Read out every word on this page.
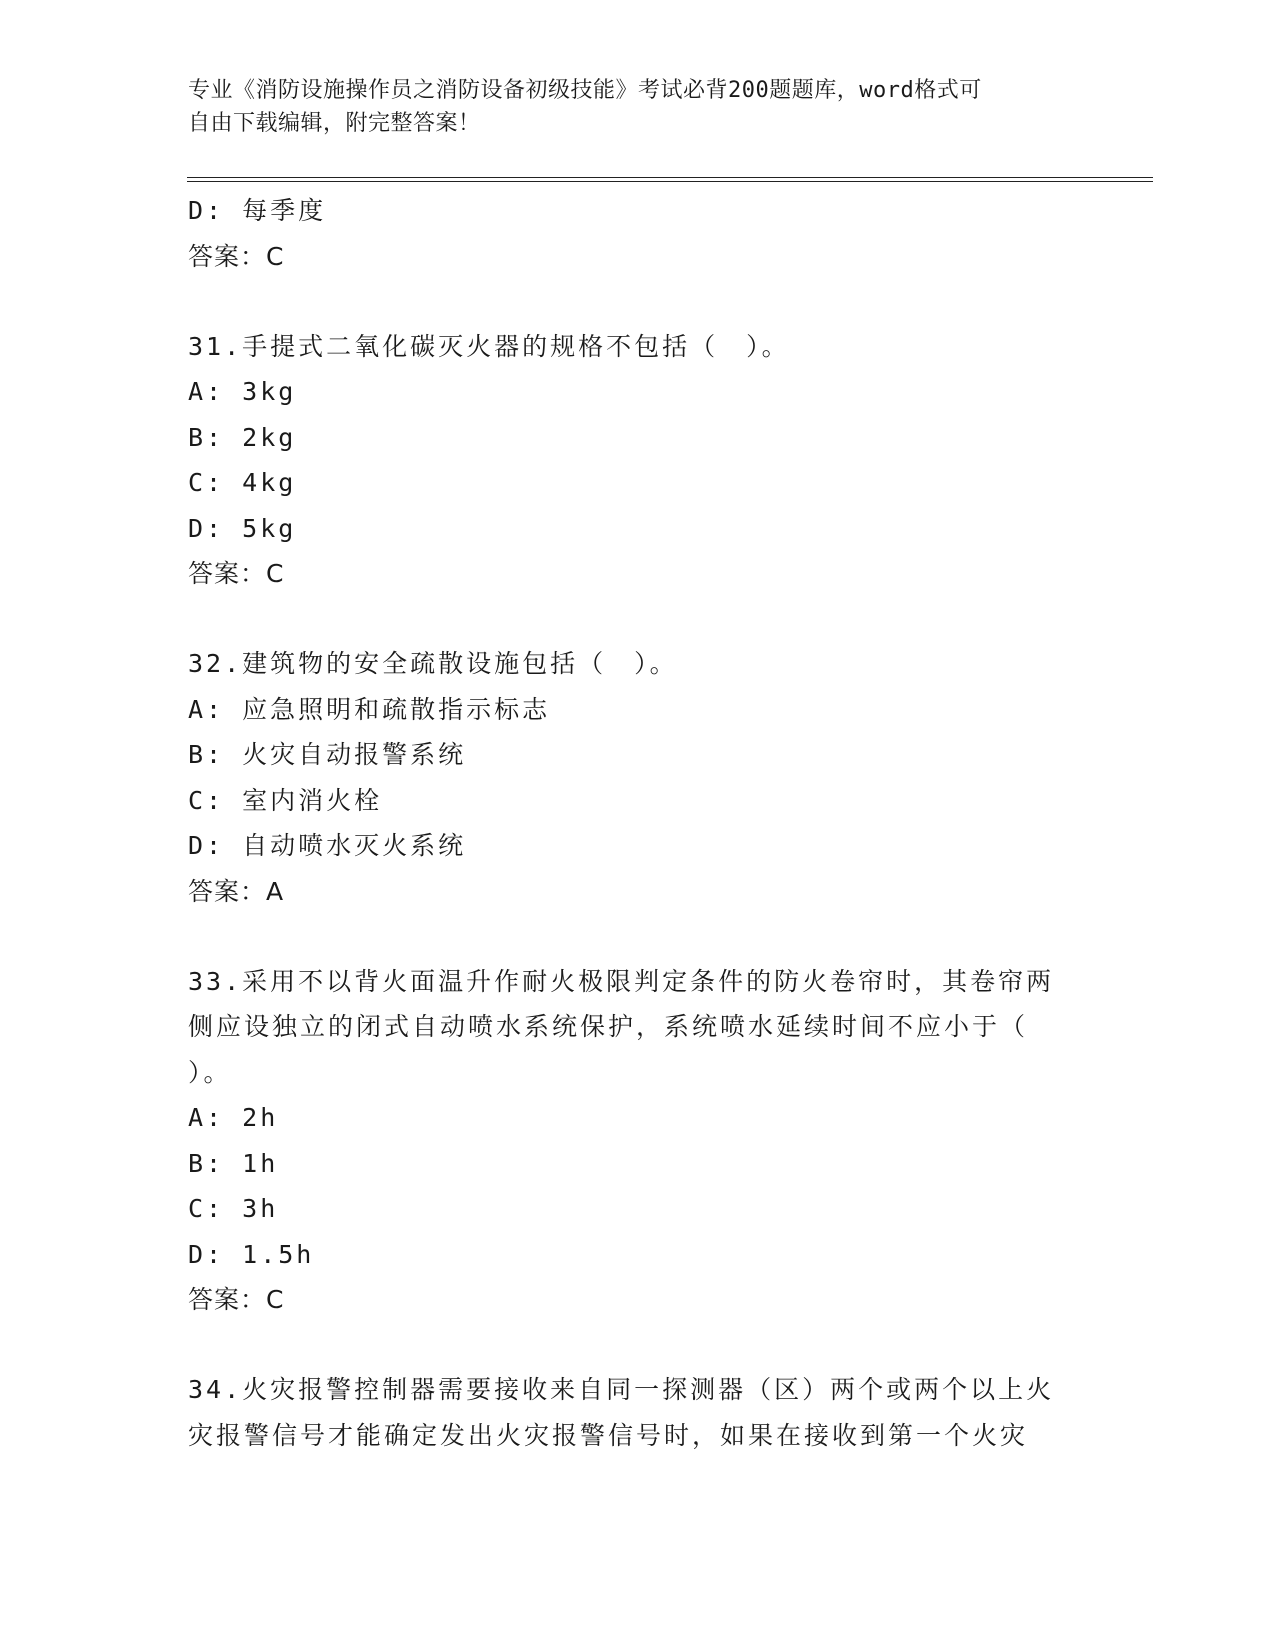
专业《消防设施操作员之消防设备初级技能》考试必背200题题库，word格式可
自由下载编辑，附完整答案！
D: 每季度
答案：C
31.手提式二氧化碳灭火器的规格不包括（　）。
A: 3kg
B: 2kg
C: 4kg
D: 5kg
答案：C
32.建筑物的安全疏散设施包括（　）。
A: 应急照明和疏散指示标志
B: 火灾自动报警系统
C: 室内消火栓
D: 自动喷水灭火系统
答案：A
33.采用不以背火面温升作耐火极限判定条件的防火卷帘时，其卷帘两
侧应设独立的闭式自动喷水系统保护，系统喷水延续时间不应小于（
）。
A: 2h
B: 1h
C: 3h
D: 1.5h
答案：C
34.火灾报警控制器需要接收来自同一探测器（区）两个或两个以上火
灾报警信号才能确定发出火灾报警信号时，如果在接收到第一个火灾
